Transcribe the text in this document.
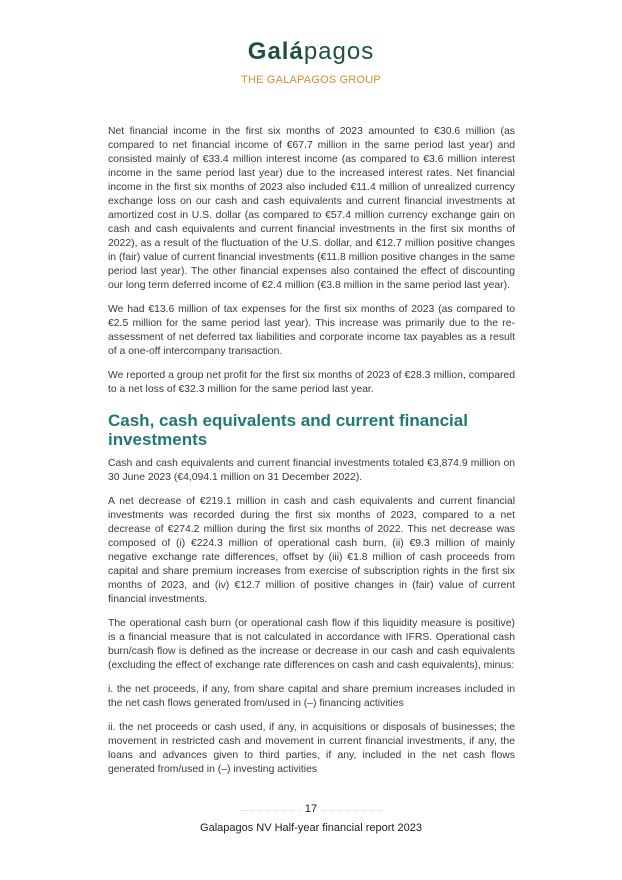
Galápagos
THE GALAPAGOS GROUP

Net financial income in the first six months of 2023 amounted to €30.6 million (as compared to net financial income of €67.7 million in the same period last year) and consisted mainly of €33.4 million interest income (as compared to €3.6 million interest income in the same period last year) due to the increased interest rates. Net financial income in the first six months of 2023 also included €11.4 million of unrealized currency exchange loss on our cash and cash equivalents and current financial investments at amortized cost in U.S. dollar (as compared to €57.4 million currency exchange gain on cash and cash equivalents and current financial investments in the first six months of 2022), as a result of the fluctuation of the U.S. dollar, and €12.7 million positive changes in (fair) value of current financial investments (€11.8 million positive changes in the same period last year). The other financial expenses also contained the effect of discounting our long term deferred income of €2.4 million (€3.8 million in the same period last year).

We had €13.6 million of tax expenses for the first six months of 2023 (as compared to €2.5 million for the same period last year). This increase was primarily due to the re-assessment of net deferred tax liabilities and corporate income tax payables as a result of a one-off intercompany transaction.

We reported a group net profit for the first six months of 2023 of €28.3 million, compared to a net loss of €32.3 million for the same period last year.

Cash, cash equivalents and current financial investments

Cash and cash equivalents and current financial investments totaled €3,874.9 million on 30 June 2023 (€4,094.1 million on 31 December 2022).

A net decrease of €219.1 million in cash and cash equivalents and current financial investments was recorded during the first six months of 2023, compared to a net decrease of €274.2 million during the first six months of 2022. This net decrease was composed of (i) €224.3 million of operational cash burn, (ii) €9.3 million of mainly negative exchange rate differences, offset by (iii) €1.8 million of cash proceeds from capital and share premium increases from exercise of subscription rights in the first six months of 2023, and (iv) €12.7 million of positive changes in (fair) value of current financial investments.

The operational cash burn (or operational cash flow if this liquidity measure is positive) is a financial measure that is not calculated in accordance with IFRS. Operational cash burn/cash flow is defined as the increase or decrease in our cash and cash equivalents (excluding the effect of exchange rate differences on cash and cash equivalents), minus:

i. the net proceeds, if any, from share capital and share premium increases included in the net cash flows generated from/used in (–) financing activities

ii. the net proceeds or cash used, if any, in acquisitions or disposals of businesses; the movement in restricted cash and movement in current financial investments, if any, the loans and advances given to third parties, if any, included in the net cash flows generated from/used in (–) investing activities

17
Galapagos NV Half-year financial report 2023
